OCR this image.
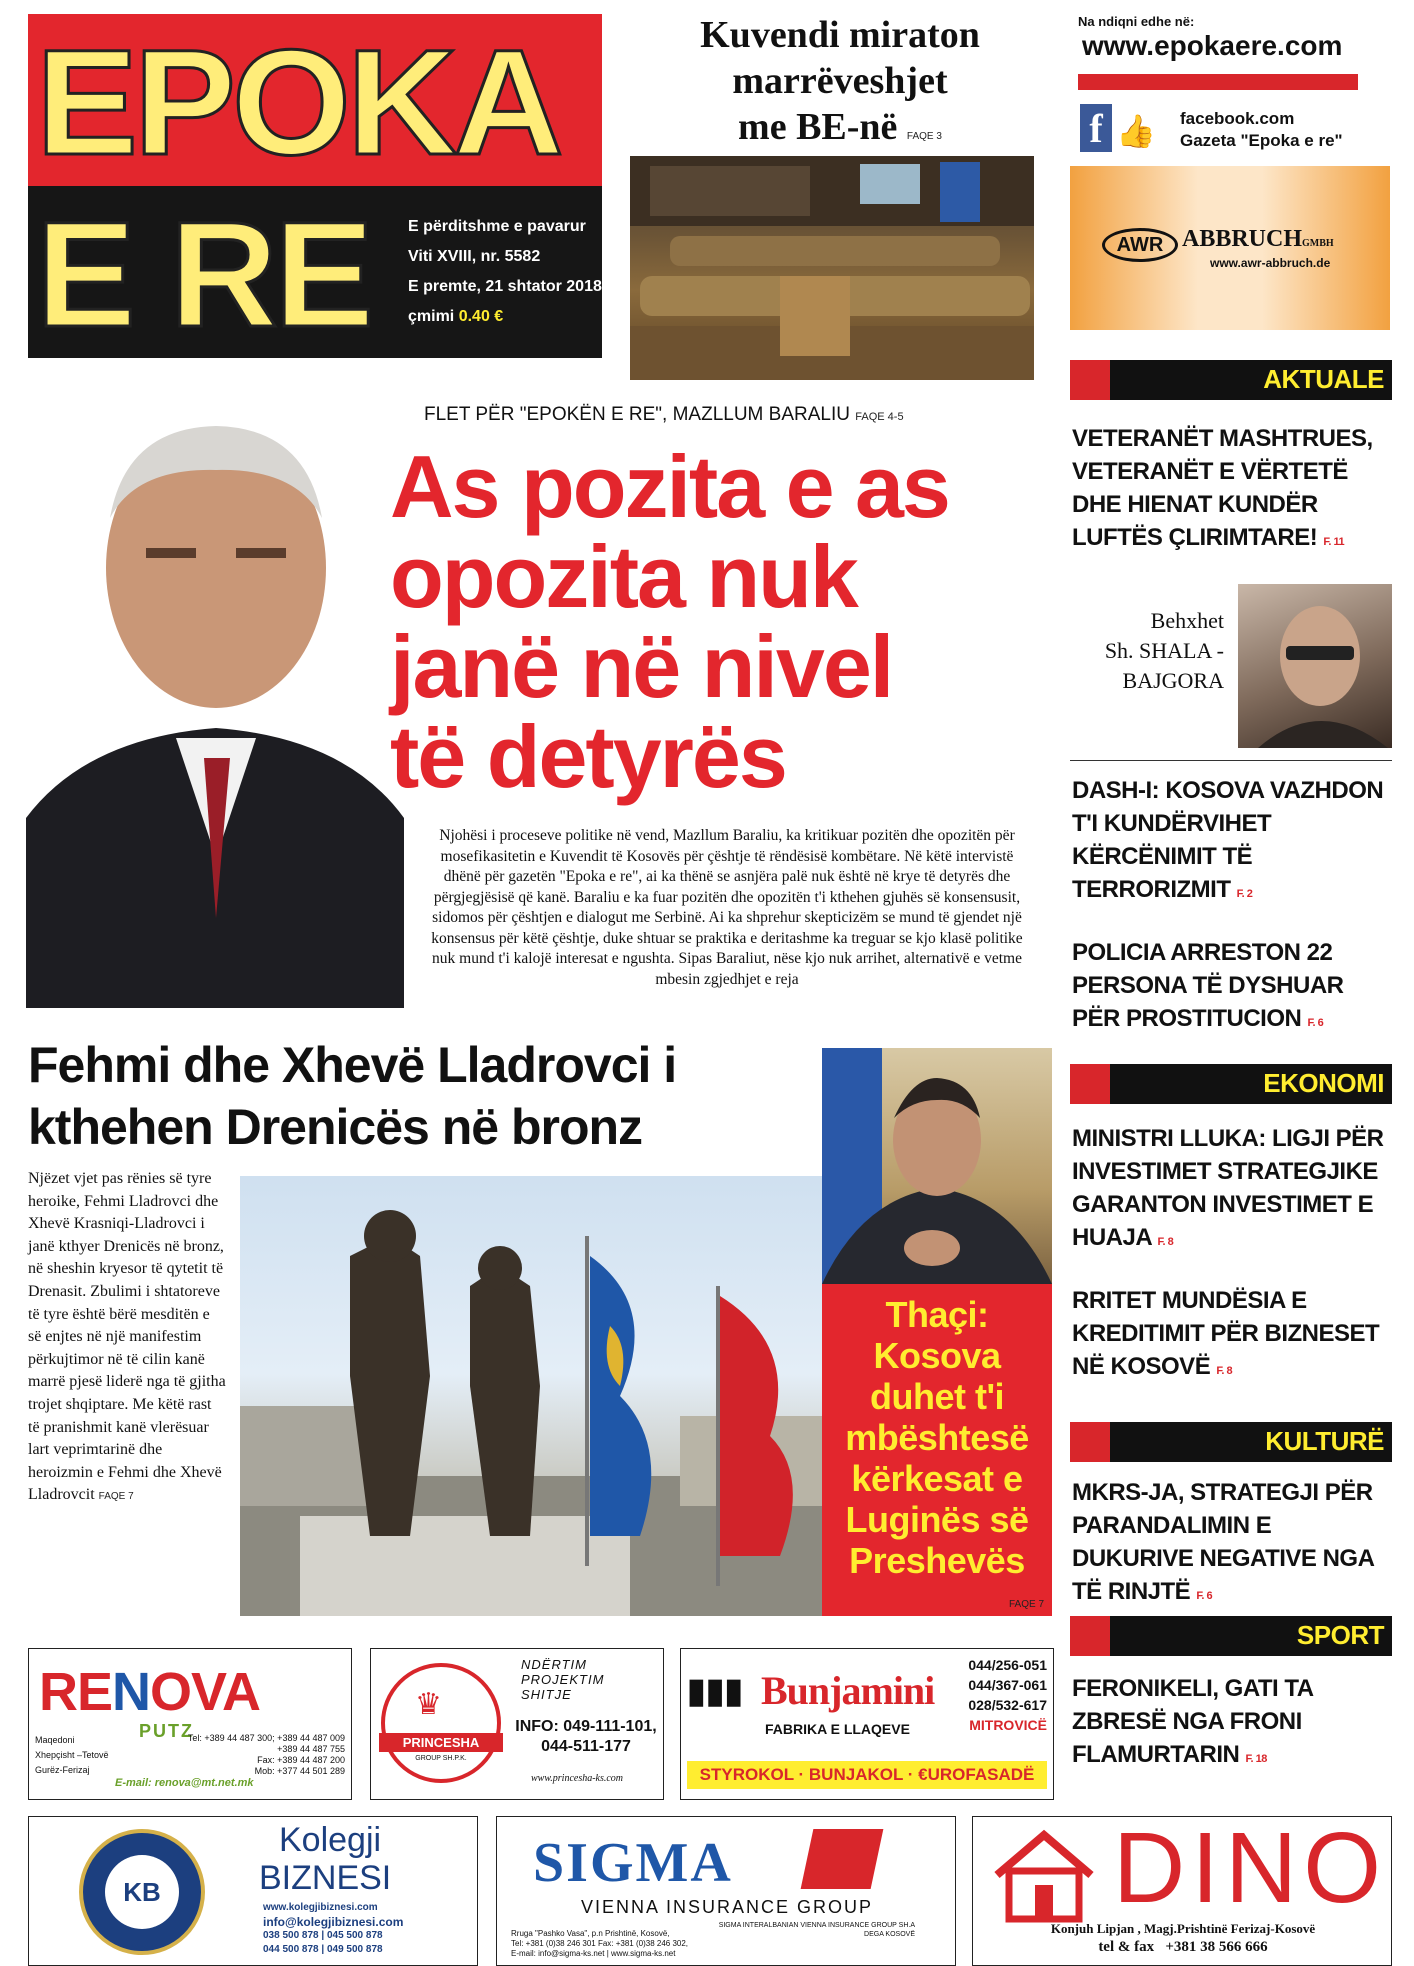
EPOKA
E RE E përditshme e pavarur
Viti XVIII, nr. 5582
E premte, 21 shtator 2018
çmimi 0.40 €
Kuvendi miraton
marrëveshjet
me BE-në FAQE 3
Na ndiqni edhe në:
www.epokaere.com
f 👍 facebook.com
Gazeta "Epoka e re"
AWR ABBRUCHGMBH
www.awr-abbruch.de
AKTUALE
VETERANËT MASHTRUES, VETERANËT E VËRTETË DHE HIENAT KUNDËR LUFTËS ÇLIRIMTARE! F. 11
Behxhet
Sh. SHALA -
BAJGORA
DASH-I: KOSOVA VAZHDON T'I KUNDËRVIHET KËRCËNIMIT TË TERRORIZMIT F. 2
POLICIA ARRESTON 22 PERSONA TË DYSHUAR PËR PROSTITUCION F. 6
EKONOMI
MINISTRI LLUKA: LIGJI PËR INVESTIMET STRATEGJIKE GARANTON INVESTIMET E HUAJA F. 8
RRITET MUNDËSIA E KREDITIMIT PËR BIZNESET NË KOSOVË F. 8
KULTURË
MKRS-JA, STRATEGJI PËR PARANDALIMIN E DUKURIVE NEGATIVE NGA TË RINJTË F. 6
SPORT
FERONIKELI, GATI TA ZBRESË NGA FRONI FLAMURTARIN F. 18
FLET PËR "EPOKËN E RE", MAZLLUM BARALIU FAQE 4-5
As pozita e as
opozita nuk
janë në nivel
të detyrës
Njohësi i proceseve politike në vend, Mazllum Baraliu, ka kritikuar pozitën dhe opozitën për mosefikasitetin e Kuvendit të Kosovës për çështje të rëndësisë kombëtare. Në këtë intervistë dhënë për gazetën "Epoka e re", ai ka thënë se asnjëra palë nuk është në krye të detyrës dhe përgjegjësisë që kanë. Baraliu e ka fuar pozitën dhe opozitën t'i kthehen gjuhës së konsensusit, sidomos për çështjen e dialogut me Serbinë. Ai ka shprehur skepticizëm se mund të gjendet një konsensus për këtë çështje, duke shtuar se praktika e deritashme ka treguar se kjo klasë politike nuk mund t'i kalojë interesat e ngushta. Sipas Baraliut, nëse kjo nuk arrihet, alternativë e vetme mbesin zgjedhjet e reja
Fehmi dhe Xhevë Lladrovci i
kthehen Drenicës në bronz
Njëzet vjet pas rënies së tyre heroike, Fehmi Lladrovci dhe Xhevë Krasniqi-Lladrovci i janë kthyer Drenicës në bronz, në sheshin kryesor të qytetit të Drenasit. Zbulimi i shtatoreve të tyre është bërë mesditën e së enjtes në një manifestim përkujtimor në të cilin kanë marrë pjesë liderë nga të gjitha trojet shqiptare. Me këtë rast të pranishmit kanë vlerësuar lart veprimtarinë dhe heroizmin e Fehmi dhe Xhevë Lladrovcit FAQE 7
Thaçi: Kosova duhet t'i mbështesë kërkesat e Luginës së Preshevës
FAQE 7
RENOVA
PUTZ
Maqedoni
Xhepçisht –Tetovë
Gurëz-Ferizaj
Tel: +389 44 487 300; +389 44 487 009
+389 44 487 755
Fax: +389 44 487 200
Mob: +377 44 501 289
E-mail: renova@mt.net.mk
♛
PRINCESHA
GROUP SH.P.K.
NDËRTIM
PROJEKTIM
SHITJE
INFO: 049-111-101,
044-511-177
www.princesha-ks.com
▮▮▮ Bunjamini
FABRIKA E LLAQEVE
044/256-051
044/367-061
028/532-617
MITROVICË
STYROKOL · BUNJAKOL · €UROFASADË
KB
Kolegji
BIZNESI
www.kolegjibiznesi.com
info@kolegjibiznesi.com
038 500 878 | 045 500 878
044 500 878 | 049 500 878
SIGMA
VIENNA INSURANCE GROUP
SIGMA INTERALBANIAN VIENNA INSURANCE GROUP SH.A
DEGA KOSOVË
Rruga "Pashko Vasa", p.n Prishtinë, Kosovë,
Tel: +381 (0)38 246 301 Fax: +381 (0)38 246 302,
E-mail: info@sigma-ks.net | www.sigma-ks.net
DINO
Konjuh Lipjan , Magj.Prishtinë Ferizaj-Kosovë
tel & fax +381 38 566 666
